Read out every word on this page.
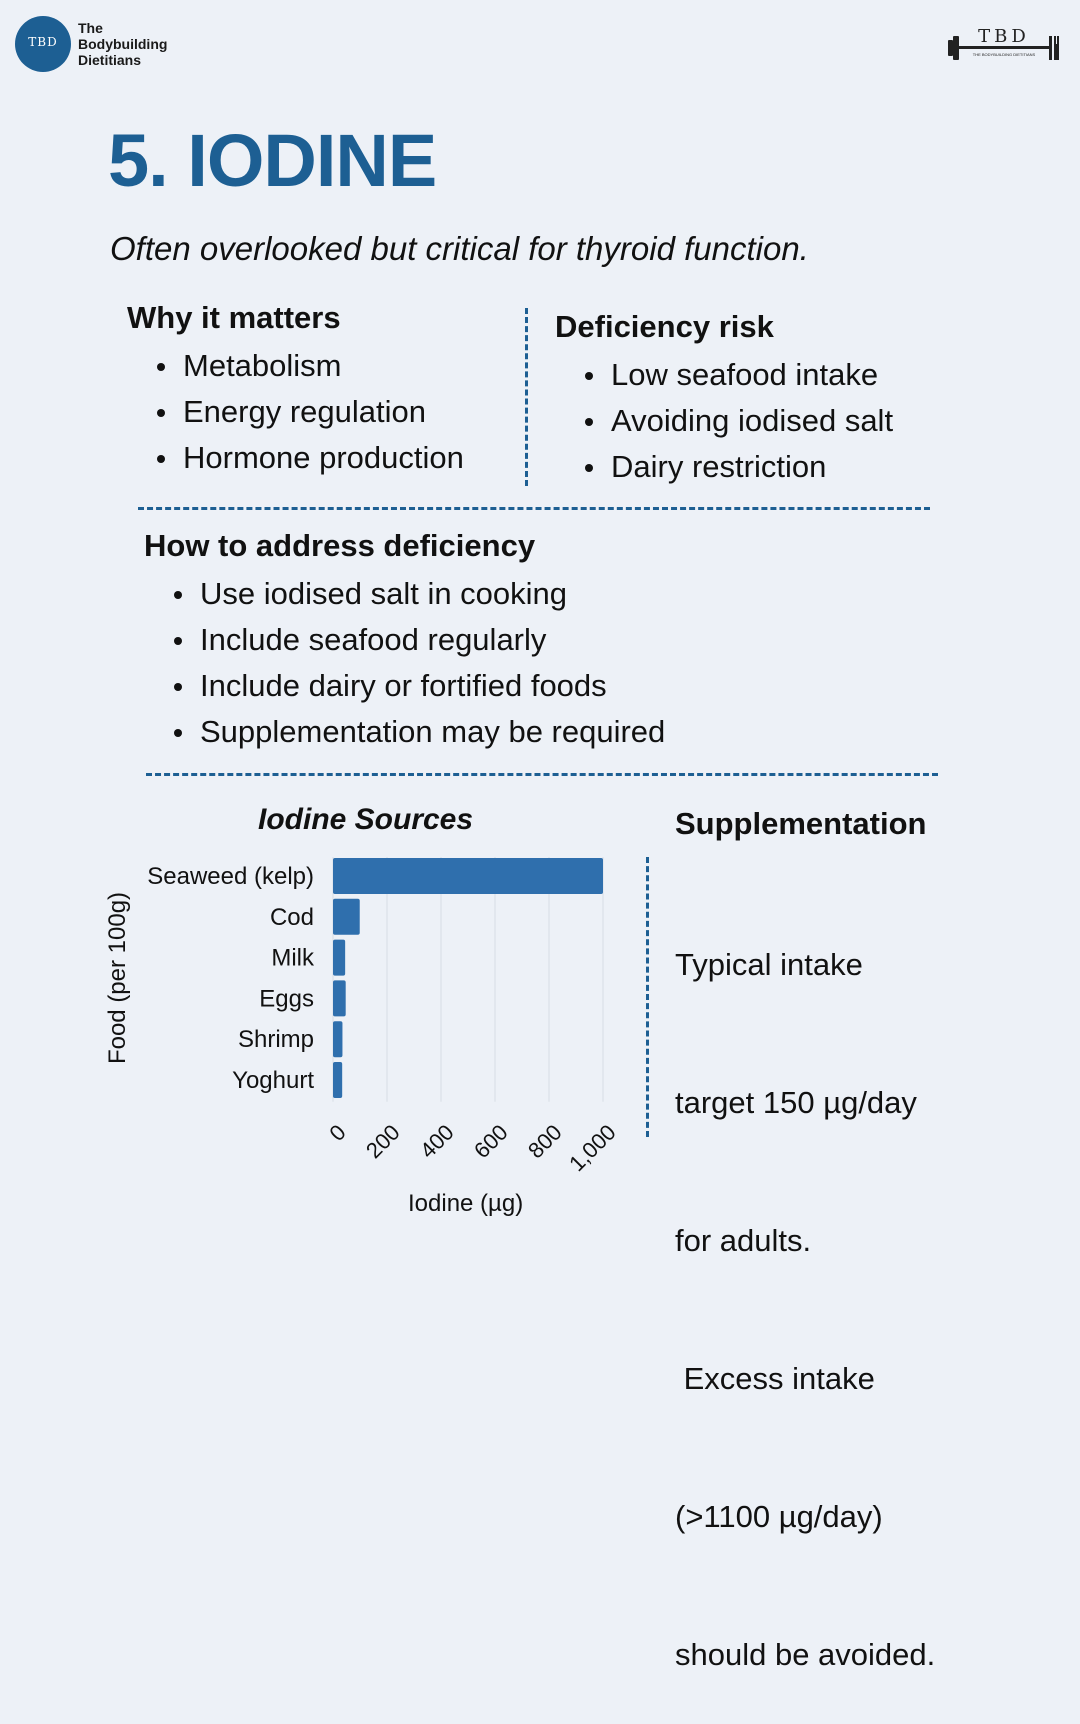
TBD
The
Bodybuilding
Dietitians
TBD
THE BODYBUILDING DIETITIANS
5. IODINE
Often overlooked but critical for thyroid function.
Why it matters
Metabolism
Energy regulation
Hormone production
Deficiency risk
Low seafood intake
Avoiding iodised salt
Dairy restriction
How to address deficiency
Use iodised salt in cooking
Include seafood regularly
Include dairy or fortified foods
Supplementation may be required
Iodine Sources
Food (per 100g)
Iodine (µg)
Seaweed (kelp)
Cod
Milk
Eggs
Shrimp
Yoghurt
0 200 400 600 800
1,000
Supplementation

Typical intake

target 150 µg/day

for adults.

Excess intake

(>1100 µg/day)

should be avoided.
